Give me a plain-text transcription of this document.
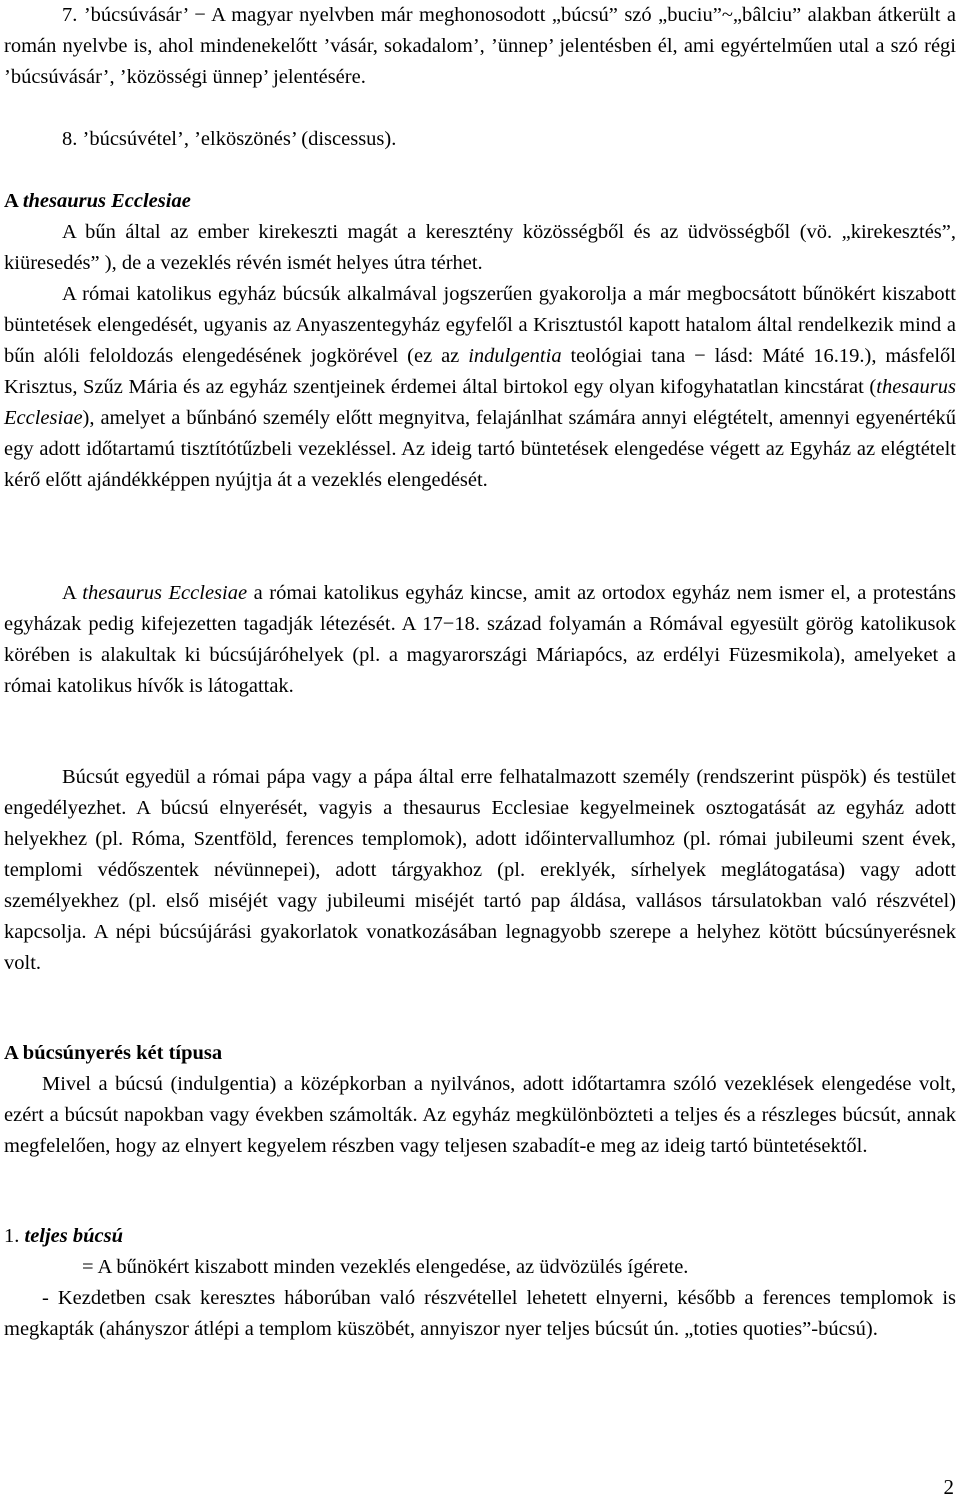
7. ’búcsúvásár’ − A magyar nyelvben már meghonosodott „búcsú” szó „buciu”~„bâlciu” alakban átkerült a román nyelvbe is, ahol mindenekelőtt ’vásár, sokadalom’, ’ünnep’ jelentésben él, ami egyértelműen utal a szó régi ’búcsúvásár’, ’közösségi ünnep’ jelentésére.

8. ’búcsúvétel’, ’elköszönés’ (discessus).

A thesaurus Ecclesiae

A bűn által az ember kirekeszti magát a keresztény közösségből és az üdvösségből (vö. „kirekesztés”, kiüresedés” ), de a vezeklés révén ismét helyes útra térhet.

A római katolikus egyház búcsúk alkalmával jogszerűen gyakorolja a már megbocsátott bűnökért kiszabott büntetések elengedését, ugyanis az Anyaszentegyház egyfelől a Krisztustól kapott hatalom által rendelkezik mind a bűn alóli feloldozás elengedésének jogkörével (ez az indulgentia teológiai tana − lásd: Máté 16.19.), másfelől Krisztus, Szűz Mária és az egyház szentjeinek érdemei által birtokol egy olyan kifogyhatatlan kincstárat (thesaurus Ecclesiae), amelyet a bűnbánó személy előtt megnyitva, felajánlhat számára annyi elégtételt, amennyi egyenértékű egy adott időtartamú tisztítótűzbeli vezekléssel. Az ideig tartó büntetések elengedése végett az Egyház az elégtételt kérő előtt ajándékképpen nyújtja át a vezeklés elengedését.

A thesaurus Ecclesiae a római katolikus egyház kincse, amit az ortodox egyház nem ismer el, a protestáns egyházak pedig kifejezetten tagadják létezését. A 17−18. század folyamán a Rómával egyesült görög katolikusok körében is alakultak ki búcsújáróhelyek (pl. a magyarországi Máriapócs, az erdélyi Füzesmikola), amelyeket a római katolikus hívők is látogattak.

Búcsút egyedül a római pápa vagy a pápa által erre felhatalmazott személy (rendszerint püspök) és testület engedélyezhet. A búcsú elnyerését, vagyis a thesaurus Ecclesiae kegyelmeinek osztogatását az egyház adott helyekhez (pl. Róma, Szentföld, ferences templomok), adott időintervallumhoz (pl. római jubileumi szent évek, templomi védőszentek névünnepei), adott tárgyakhoz (pl. ereklyék, sírhelyek meglátogatása) vagy adott személyekhez (pl. első miséjét vagy jubileumi miséjét tartó pap áldása, vallásos társulatokban való részvétel) kapcsolja. A népi búcsújárási gyakorlatok vonatkozásában legnagyobb szerepe a helyhez kötött búcsúnyerésnek volt.

A búcsúnyerés két típusa

Mivel a búcsú (indulgentia) a középkorban a nyilvános, adott időtartamra szóló vezeklések elengedése volt, ezért a búcsút napokban vagy években számolták. Az egyház megkülönbözteti a teljes és a részleges búcsút, annak megfelelően, hogy az elnyert kegyelem részben vagy teljesen szabadít-e meg az ideig tartó büntetésektől.

1. teljes búcsú

= A bűnökért kiszabott minden vezeklés elengedése, az üdvözülés ígérete.

- Kezdetben csak keresztes háborúban való részvétellel lehetett elnyerni, később a ferences templomok is megkapták (ahányszor átlépi a templom küszöbét, annyiszor nyer teljes búcsút ún. „toties quoties”-búcsú).

2
